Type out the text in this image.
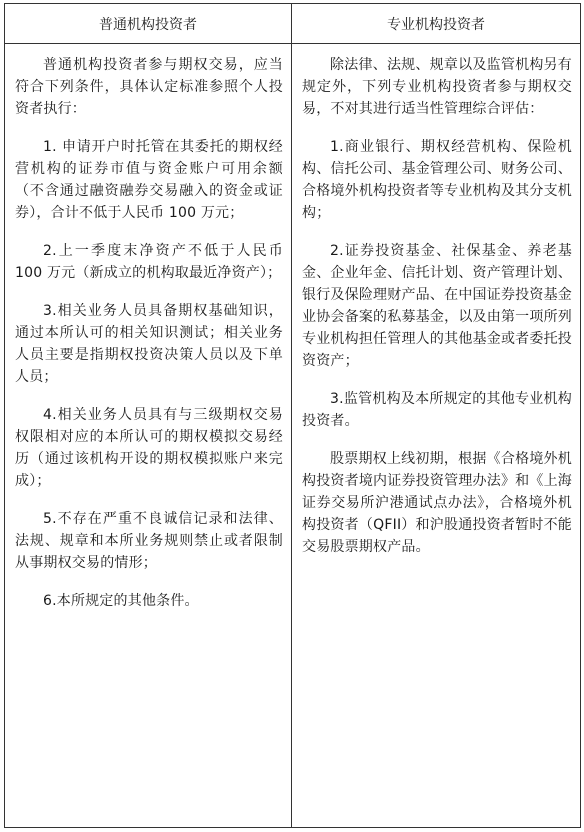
普通机构投资者	专业机构投资者

普通机构投资者参与期权交易，应当符合下列条件，具体认定标准参照个人投资者执行：

1. 申请开户时托管在其委托的期权经营机构的证券市值与资金账户可用余额（不含通过融资融券交易融入的资金或证券），合计不低于人民币 100 万元；

2.上一季度末净资产不低于人民币 100 万元（新成立的机构取最近净资产）；

3.相关业务人员具备期权基础知识，通过本所认可的相关知识测试；相关业务人员主要是指期权投资决策人员以及下单人员；

4.相关业务人员具有与三级期权交易权限相对应的本所认可的期权模拟交易经历（通过该机构开设的期权模拟账户来完成）；

5.不存在严重不良诚信记录和法律、法规、规章和本所业务规则禁止或者限制从事期权交易的情形；

6.本所规定的其他条件。

除法律、法规、规章以及监管机构另有规定外，下列专业机构投资者参与期权交易，不对其进行适当性管理综合评估：

1.商业银行、期权经营机构、保险机构、信托公司、基金管理公司、财务公司、合格境外机构投资者等专业机构及其分支机构；

2.证券投资基金、社保基金、养老基金、企业年金、信托计划、资产管理计划、银行及保险理财产品、在中国证券投资基金业协会备案的私募基金，以及由第一项所列专业机构担任管理人的其他基金或者委托投资资产；

3.监管机构及本所规定的其他专业机构投资者。

股票期权上线初期，根据《合格境外机构投资者境内证券投资管理办法》和《上海证券交易所沪港通试点办法》，合格境外机构投资者（QFII）和沪股通投资者暂时不能交易股票期权产品。
